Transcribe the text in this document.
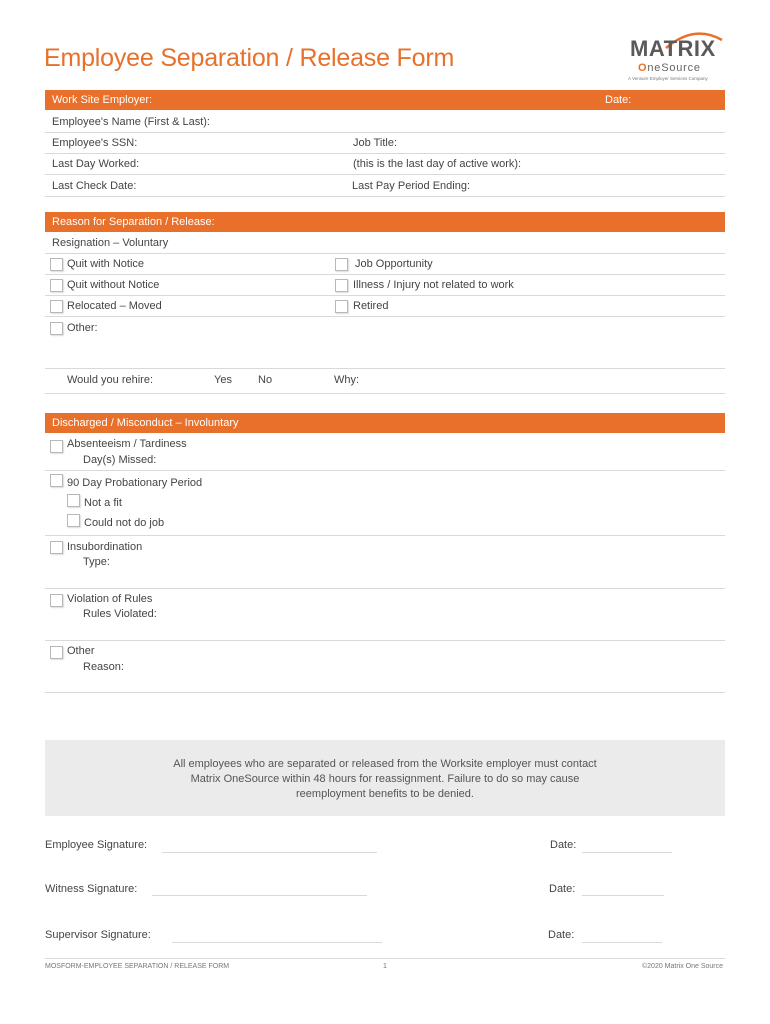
Employee Separation / Release Form	MATRIX
OneSource
A Vensure Employer Services Company
Work Site Employer:	Date:
Employee's Name (First & Last):
Employee's SSN:	Job Title:
Last Day Worked:	(this is the last day of active work):
Last Check Date:	Last Pay Period Ending:
Reason for Separation / Release:
Resignation – Voluntary
Quit with Notice	Job Opportunity
Quit without Notice	Illness / Injury not related to work
Relocated – Moved	Retired
Other:
Would you rehire:	Yes No	Why:
Discharged / Misconduct – Involuntary
Absenteeism / Tardiness
Day(s) Missed:
90 Day Probationary Period
Not a fit
Could not do job
Insubordination
Type:
Violation of Rules
Rules Violated:
Other
Reason:
All employees who are separated or released from the Worksite employer must contact
Matrix OneSource within 48 hours for reassignment. Failure to do so may cause
reemployment benefits to be denied.
Employee Signature:	Date:
Witness Signature:	Date:
Supervisor Signature:	Date:
MOSFORM-EMPLOYEE SEPARATION / RELEASE FORM	1	©2020 Matrix One Source
